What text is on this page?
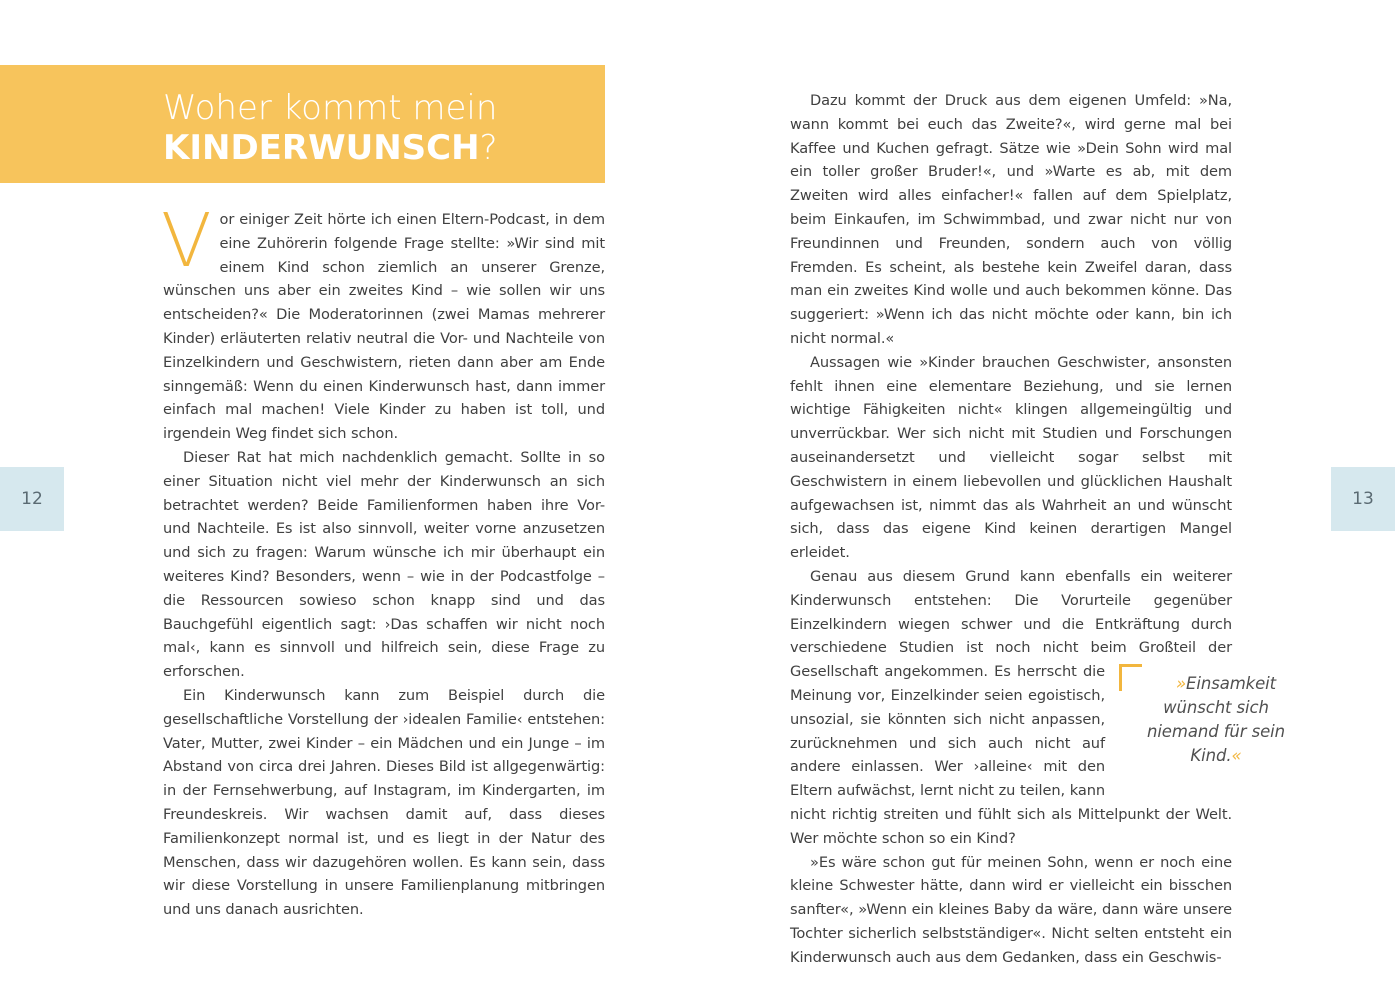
12
Woher kommt mein
KINDERWUNSCH?

Vor einiger Zeit hörte ich einen Eltern-Podcast, in dem eine Zuhörerin folgende Frage stellte: »Wir sind mit einem Kind schon ziemlich an unserer Grenze, wünschen uns aber ein zweites Kind – wie sollen wir uns entscheiden?« Die Moderatorinnen (zwei Mamas mehrerer Kinder) erläuterten relativ neutral die Vor- und Nachteile von Einzelkindern und Geschwistern, rieten dann aber am Ende sinngemäß: Wenn du einen Kinderwunsch hast, dann immer einfach mal machen! Viele Kinder zu haben ist toll, und irgendein Weg findet sich schon.

Dieser Rat hat mich nachdenklich gemacht. Sollte in so einer Situation nicht viel mehr der Kinderwunsch an sich betrachtet werden? Beide Familienformen haben ihre Vor- und Nachteile. Es ist also sinnvoll, weiter vorne anzusetzen und sich zu fragen: Warum wünsche ich mir überhaupt ein weiteres Kind? Besonders, wenn – wie in der Podcastfolge – die Ressourcen sowieso schon knapp sind und das Bauchgefühl eigentlich sagt: ›Das schaffen wir nicht noch mal‹, kann es sinnvoll und hilfreich sein, diese Frage zu erforschen.

Ein Kinderwunsch kann zum Beispiel durch die gesellschaftliche Vorstellung der ›idealen Familie‹ entstehen: Vater, Mutter, zwei Kinder – ein Mädchen und ein Junge – im Abstand von circa drei Jahren. Dieses Bild ist allgegenwärtig: in der Fernsehwerbung, auf Instagram, im Kindergarten, im Freundeskreis. Wir wachsen damit auf, dass dieses Familienkonzept normal ist, und es liegt in der Natur des Menschen, dass wir dazugehören wollen. Es kann sein, dass wir diese Vorstellung in unsere Familienplanung mitbringen und uns danach ausrichten.

13

Dazu kommt der Druck aus dem eigenen Umfeld: »Na, wann kommt bei euch das Zweite?«, wird gerne mal bei Kaffee und Kuchen gefragt. Sätze wie »Dein Sohn wird mal ein toller großer Bruder!«, und »Warte es ab, mit dem Zweiten wird alles einfacher!« fallen auf dem Spielplatz, beim Einkaufen, im Schwimmbad, und zwar nicht nur von Freundinnen und Freunden, sondern auch von völlig Fremden. Es scheint, als bestehe kein Zweifel daran, dass man ein zweites Kind wolle und auch bekommen könne. Das suggeriert: »Wenn ich das nicht möchte oder kann, bin ich nicht normal.«

Aussagen wie »Kinder brauchen Geschwister, ansonsten fehlt ihnen eine elementare Beziehung, und sie lernen wichtige Fähigkeiten nicht« klingen allgemeingültig und unverrückbar. Wer sich nicht mit Studien und Forschungen auseinandersetzt und vielleicht sogar selbst mit Geschwistern in einem liebevollen und glücklichen Haushalt aufgewachsen ist, nimmt das als Wahrheit an und wünscht sich, dass das eigene Kind keinen derartigen Mangel erleidet.

Genau aus diesem Grund kann ebenfalls ein weiterer Kinderwunsch entstehen: Die Vorurteile gegenüber Einzelkindern wiegen schwer und die Entkräftung durch verschiedene Studien ist noch nicht beim Großteil der Gesellschaft angekommen.
»Einsamkeit wünscht sich niemand für sein Kind.«
Es herrscht die Meinung vor, Einzelkinder seien egoistisch, unsozial, sie könnten sich nicht anpassen, zurücknehmen und sich auch nicht auf andere einlassen. Wer ›alleine‹ mit den Eltern aufwächst, lernt nicht zu teilen, kann nicht richtig streiten und fühlt sich als Mittelpunkt der Welt. Wer möchte schon so ein Kind?

»Es wäre schon gut für meinen Sohn, wenn er noch eine kleine Schwester hätte, dann wird er vielleicht ein bisschen sanfter«, »Wenn ein kleines Baby da wäre, dann wäre unsere Tochter sicherlich selbstständiger«. Nicht selten entsteht ein Kinderwunsch auch aus dem Gedanken, dass ein Geschwis-
